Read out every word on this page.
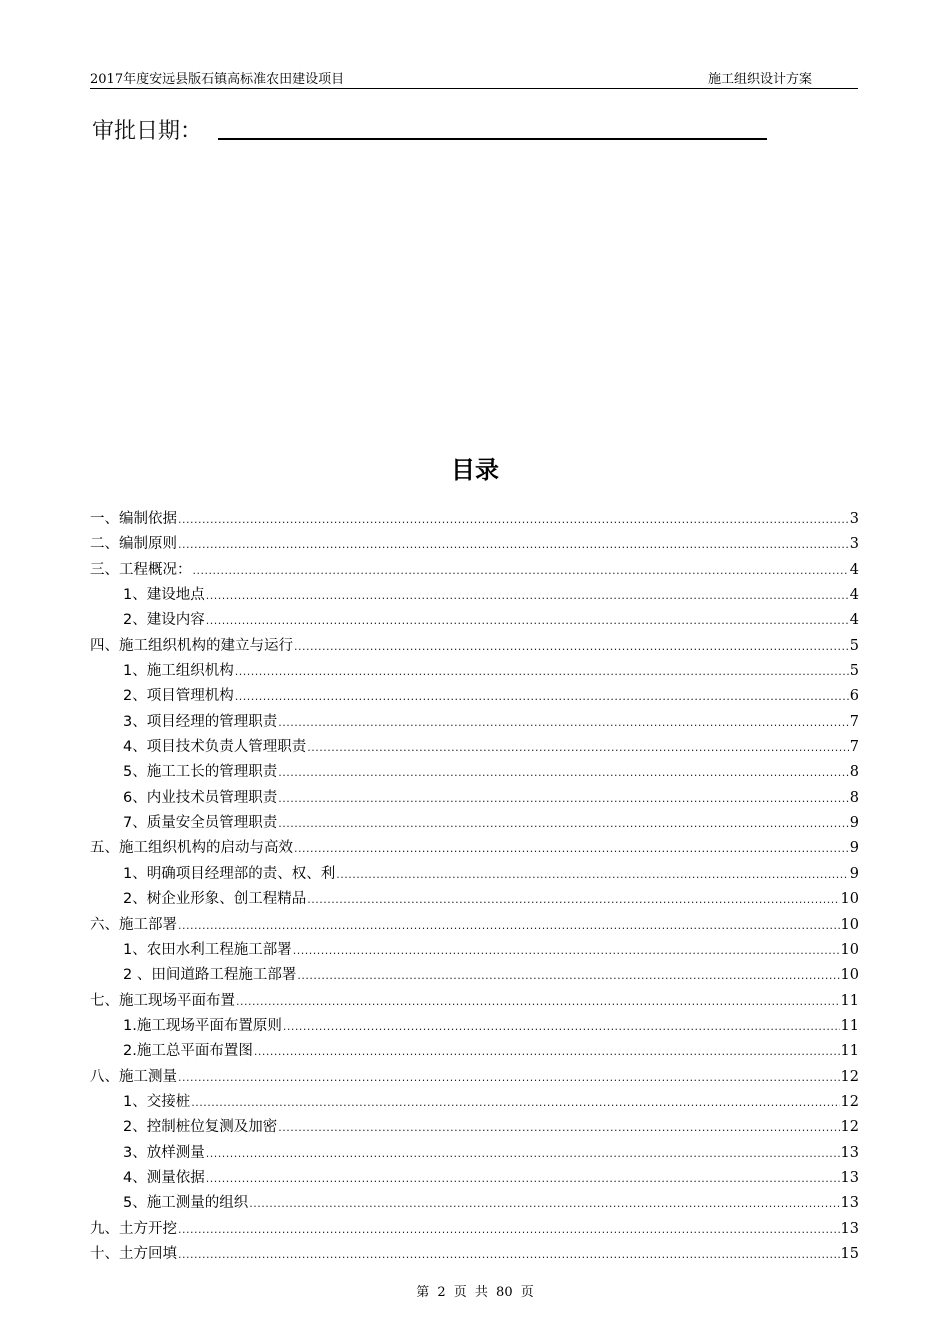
2017年度安远县版石镇高标准农田建设项目	施工组织设计方案
审批日期：
目录
一、编制依据 .....	3
二、编制原则 .....	3
三、工程概况： .....	4
1、建设地点 .....	4
2、建设内容 .....	4
四、施工组织机构的建立与运行 .....	5
1、施工组织机构 .....	5
2、项目管理机构 .....	6
3、项目经理的管理职责 .....	7
4、项目技术负责人管理职责 .....	7
5、施工工长的管理职责 .....	8
6、内业技术员管理职责 .....	8
7、质量安全员管理职责 .....	9
五、施工组织机构的启动与高效 .....	9
1、明确项目经理部的责、权、利 .....	9
2、树企业形象、创工程精品 .....	10
六、施工部署 .....	10
1、农田水利工程施工部署 .....	10
2 、田间道路工程施工部署 .....	10
七、施工现场平面布置 .....	11
1.施工现场平面布置原则 .....	11
2.施工总平面布置图 .....	11
八、施工测量 .....	12
1、交接桩 .....	12
2、控制桩位复测及加密 .....	12
3、放样测量 .....	13
4、测量依据 .....	13
5、施工测量的组织 .....	13
九、土方开挖 .....	13
十、土方回填 .....	15
第 2 页 共 80 页
